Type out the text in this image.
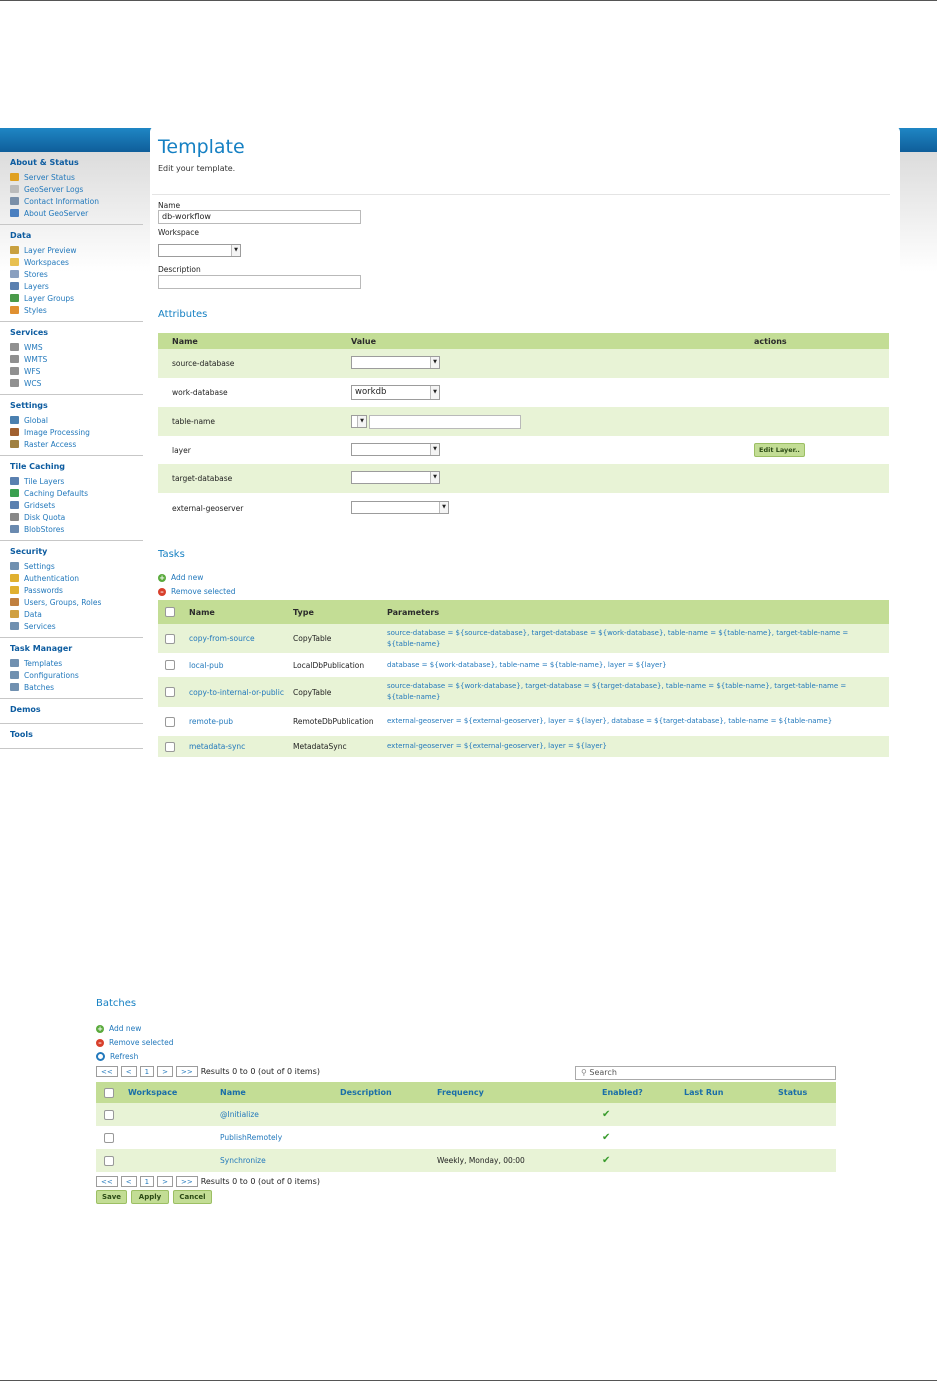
About & Status
Server Status
GeoServer Logs
Contact Information
About GeoServer
Data
Layer Preview
Workspaces
Stores
Layers
Layer Groups
Styles
Services
WMS
WMTS
WFS
WCS
Settings
Global
Image Processing
Raster Access
Tile Caching
Tile Layers
Caching Defaults
Gridsets
Disk Quota
BlobStores
Security
Settings
Authentication
Passwords
Users, Groups, Roles
Data
Services
Task Manager
Templates
Configurations
Batches
Demos
Tools
Template
Edit your template.
Name
db-workflow
Workspace
▼
Description
Attributes
Name	Value	actions
source-database	▼	

work-database	workdb ▼	

table-name	▼	

layer	▼	Edit Layer..
target-database	▼	

external-geoserver	▼	

Tasks
+ Add new
– Remove selected
	Name	Type	Parameters
	copy-from-source	CopyTable	source-database = ${source-database}, target-database = ${work-database}, table-name = ${table-name}, target-table-name = ${table-name}
	local-pub	LocalDbPublication	database = ${work-database}, table-name = ${table-name}, layer = ${layer}
	copy-to-internal-or-public	CopyTable	source-database = ${work-database}, target-database = ${target-database}, table-name = ${table-name}, target-table-name = ${table-name}
	remote-pub	RemoteDbPublication	external-geoserver = ${external-geoserver}, layer = ${layer}, database = ${target-database}, table-name = ${table-name}
	metadata-sync	MetadataSync	external-geoserver = ${external-geoserver}, layer = ${layer}
Batches
+ Add new
– Remove selected
Refresh
<<	<	1	>	>>	Results 0 to 0 (out of 0 items)	⚲ Search
	Workspace	Name	Description	Frequency	Enabled?	Last Run	Status
		@Initialize			✔		
		PublishRemotely			✔		
		Synchronize		Weekly, Monday, 00:00	✔		
<<	<	1	>	>>	Results 0 to 0 (out of 0 items)
Save	Apply	Cancel
